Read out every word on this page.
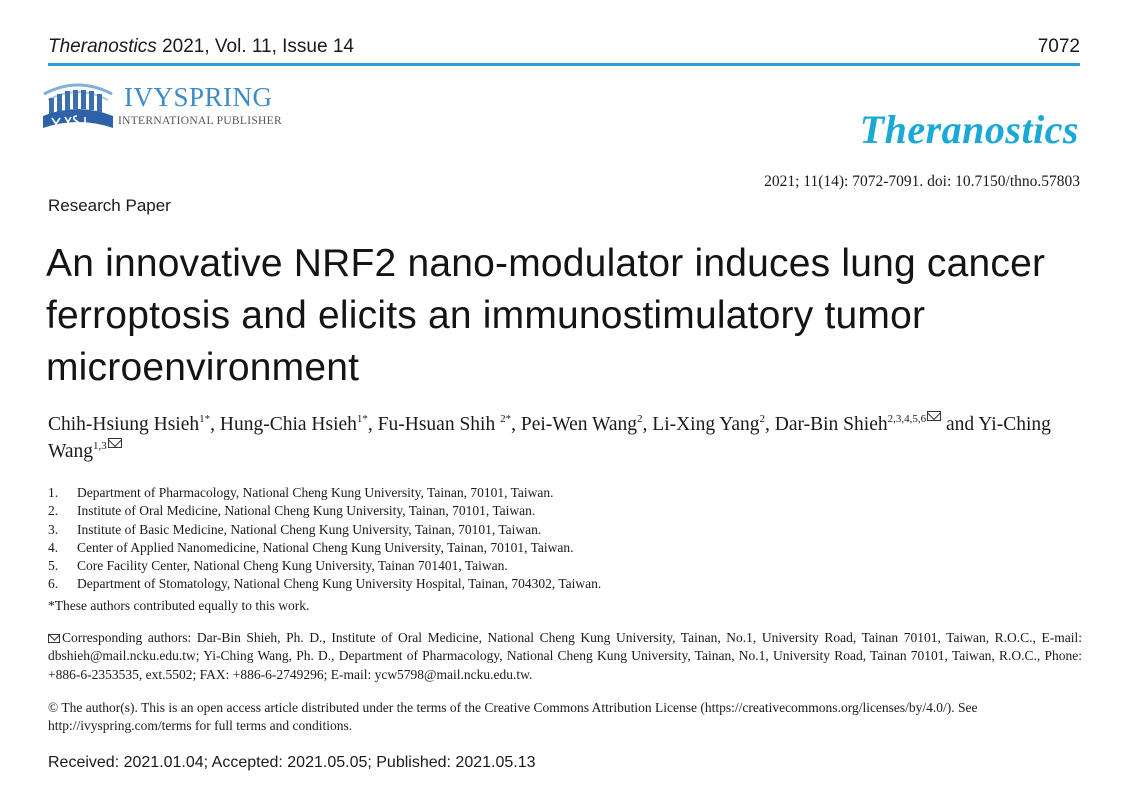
Theranostics 2021, Vol. 11, Issue 14	7072
IVYSPRING
INTERNATIONAL PUBLISHER	Theranostics
2021; 11(14): 7072-7091. doi: 10.7150/thno.57803
Research Paper
An innovative NRF2 nano-modulator induces lung cancer ferroptosis and elicits an immunostimulatory tumor microenvironment
Chih-Hsiung Hsieh$^{1*}$, Hung-Chia Hsieh$^{1*}$, Fu-Hsuan Shih $^{2*}$, Pei-Wen Wang$^2$, Li-Xing Yang$^2$, Dar-Bin Shieh$^{2,3,4,5,6}$ and Yi-Ching Wang$^{1,3}$
1.	Department of Pharmacology, National Cheng Kung University, Tainan, 70101, Taiwan.
2.	Institute of Oral Medicine, National Cheng Kung University, Tainan, 70101, Taiwan.
3.	Institute of Basic Medicine, National Cheng Kung University, Tainan, 70101, Taiwan.
4.	Center of Applied Nanomedicine, National Cheng Kung University, Tainan, 70101, Taiwan.
5.	Core Facility Center, National Cheng Kung University, Tainan 701401, Taiwan.
6.	Department of Stomatology, National Cheng Kung University Hospital, Tainan, 704302, Taiwan.
*These authors contributed equally to this work.
Corresponding authors: Dar-Bin Shieh, Ph. D., Institute of Oral Medicine, National Cheng Kung University, Tainan, No.1, University Road, Tainan 70101, Taiwan, R.O.C., E-mail: dbshieh@mail.ncku.edu.tw; Yi-Ching Wang, Ph. D., Department of Pharmacology, National Cheng Kung University, Tainan, No.1, University Road, Tainan 70101, Taiwan, R.O.C., Phone: +886-6-2353535, ext.5502; FAX: +886-6-2749296; E-mail: ycw5798@mail.ncku.edu.tw.
© The author(s). This is an open access article distributed under the terms of the Creative Commons Attribution License (https://creativecommons.org/licenses/by/4.0/). See http://ivyspring.com/terms for full terms and conditions.
Received: 2021.01.04; Accepted: 2021.05.05; Published: 2021.05.13
